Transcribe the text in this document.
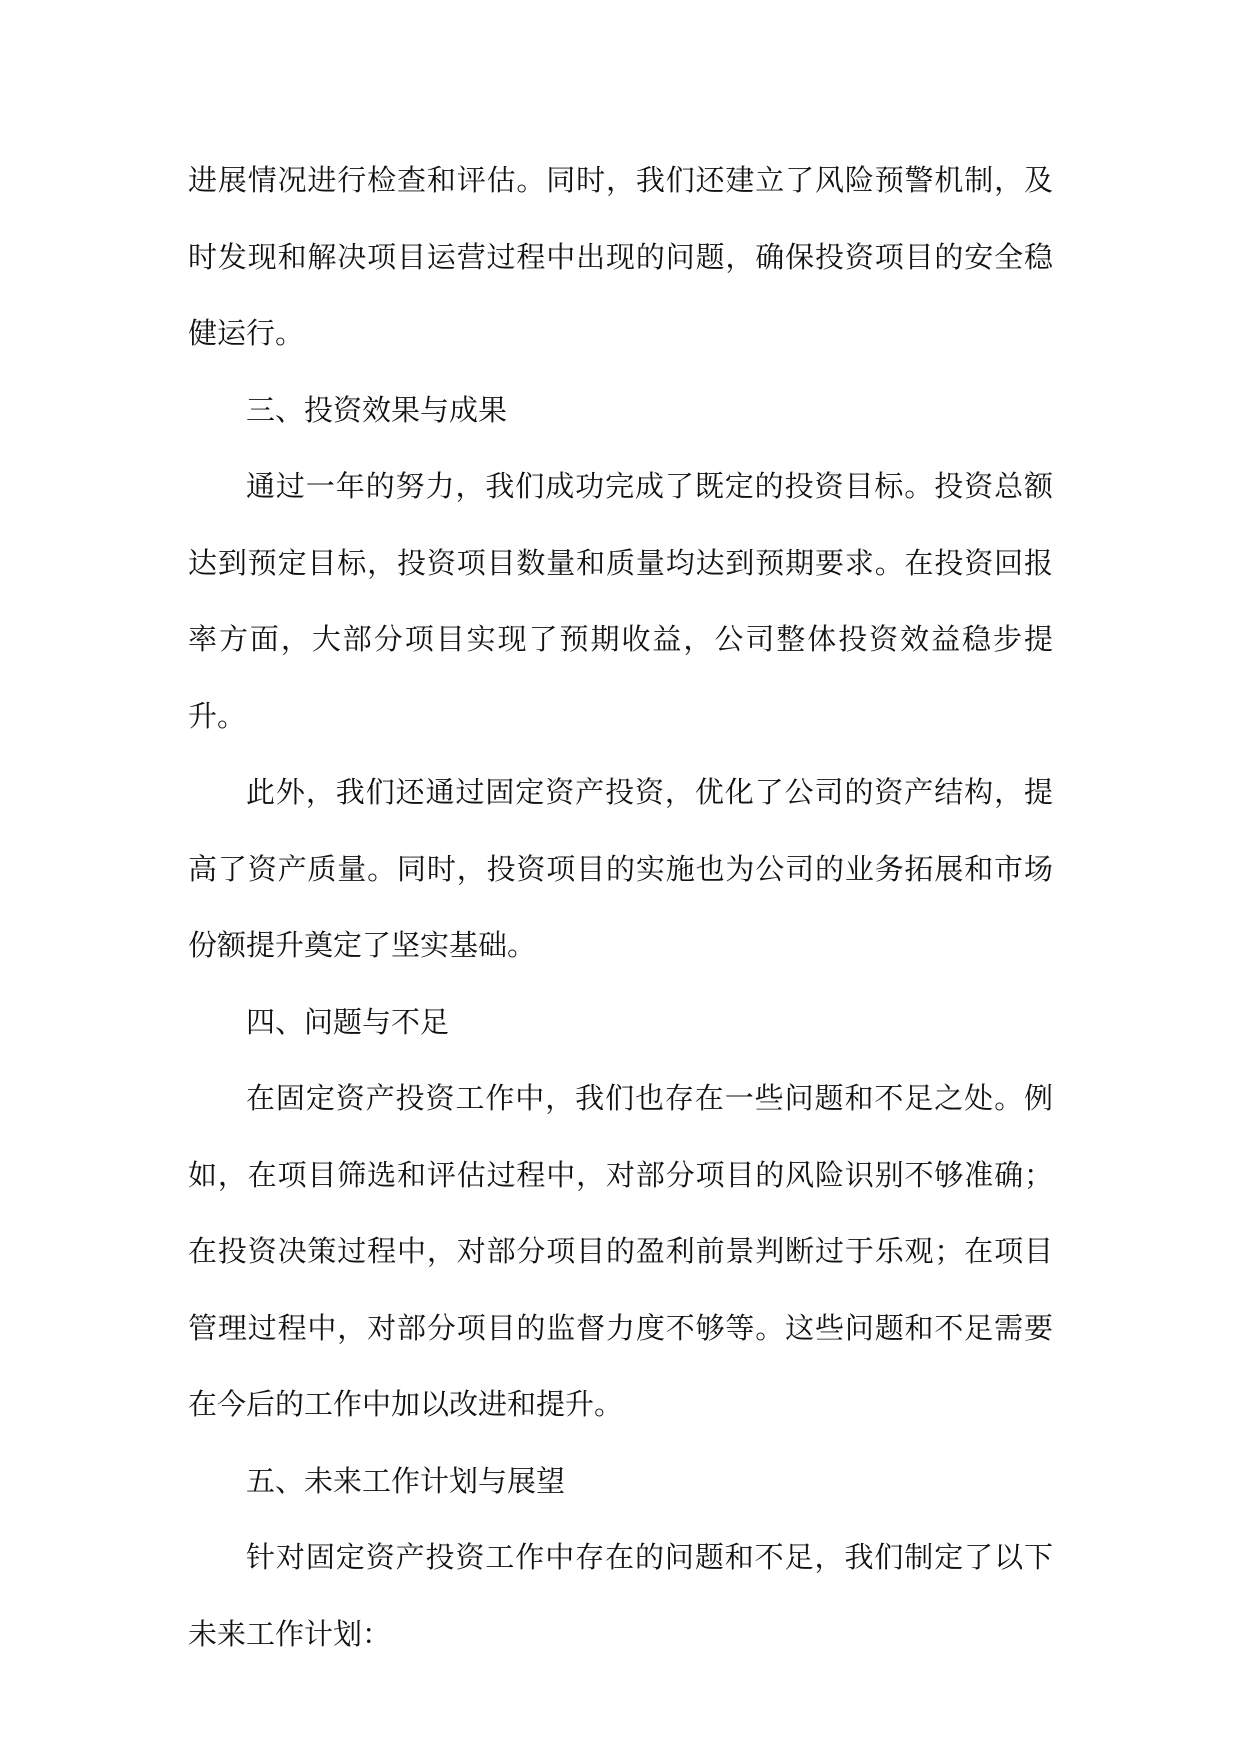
进展情况进行检查和评估。同时，我们还建立了风险预警机制，及时发现和解决项目运营过程中出现的问题，确保投资项目的安全稳健运行。

三、投资效果与成果

通过一年的努力，我们成功完成了既定的投资目标。投资总额达到预定目标，投资项目数量和质量均达到预期要求。在投资回报率方面，大部分项目实现了预期收益，公司整体投资效益稳步提升。

此外，我们还通过固定资产投资，优化了公司的资产结构，提高了资产质量。同时，投资项目的实施也为公司的业务拓展和市场份额提升奠定了坚实基础。

四、问题与不足

在固定资产投资工作中，我们也存在一些问题和不足之处。例如，在项目筛选和评估过程中，对部分项目的风险识别不够准确；在投资决策过程中，对部分项目的盈利前景判断过于乐观；在项目管理过程中，对部分项目的监督力度不够等。这些问题和不足需要在今后的工作中加以改进和提升。

五、未来工作计划与展望

针对固定资产投资工作中存在的问题和不足，我们制定了以下未来工作计划：
